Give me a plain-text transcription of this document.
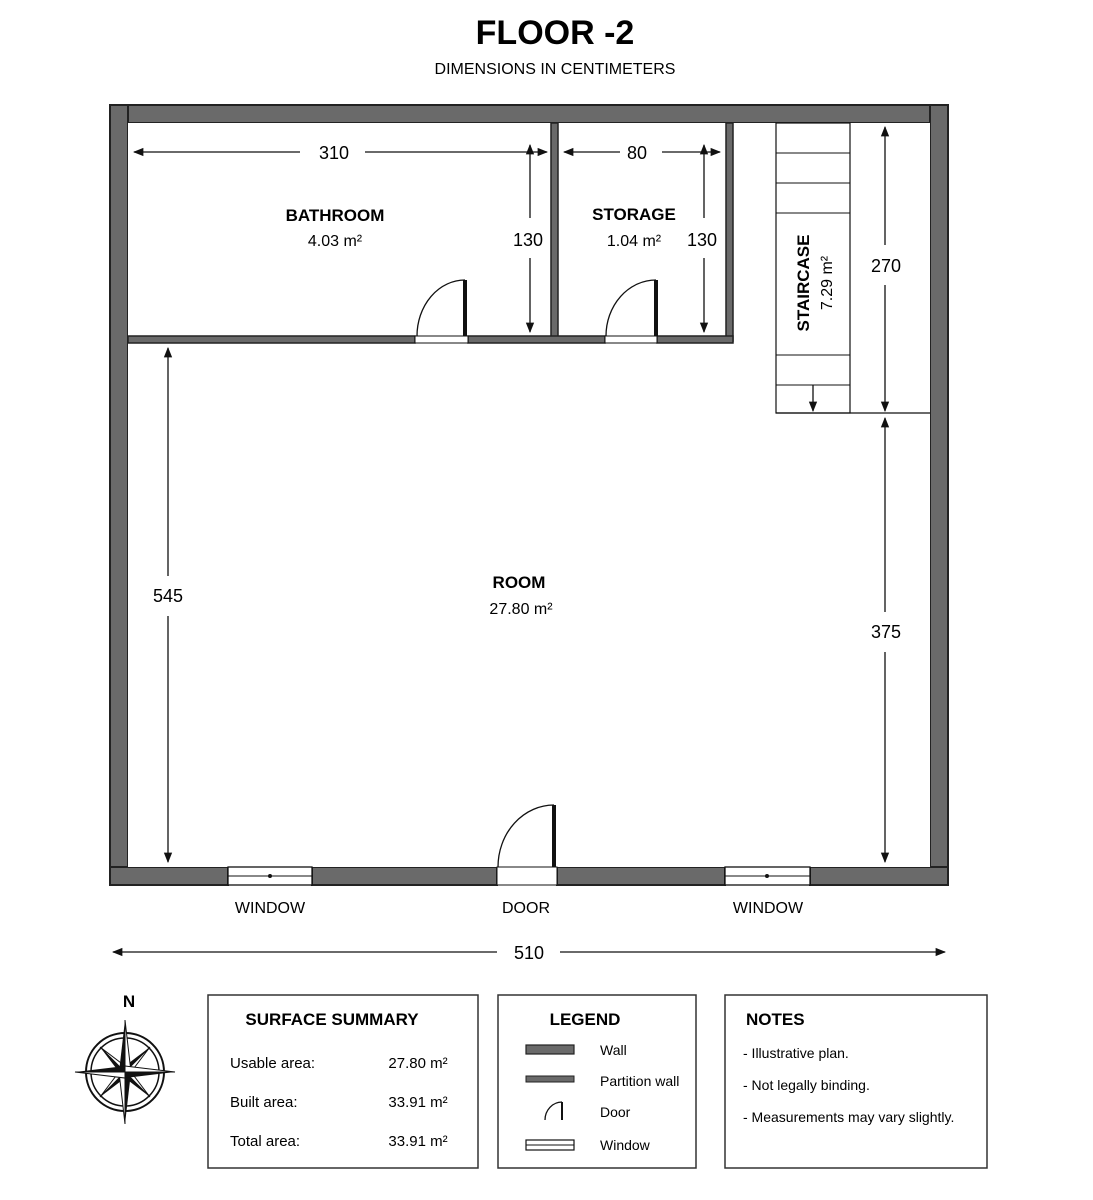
FLOOR -2
DIMENSIONS IN CENTIMETERS
STAIRCASE 7.29 m²
BATHROOM
4.03 m²
STORAGE
1.04 m²
ROOM
27.80 m²
310
130
80
130
270
375
545
510
WINDOW	DOOR	WINDOW
N
SURFACE SUMMARY
Usable area:	27.80 m²
Built area:	33.91 m²
Total area:	33.91 m²
LEGEND
Wall
Partition wall
Door
Window
NOTES
- Illustrative plan.
- Not legally binding.
- Measurements may vary slightly.
